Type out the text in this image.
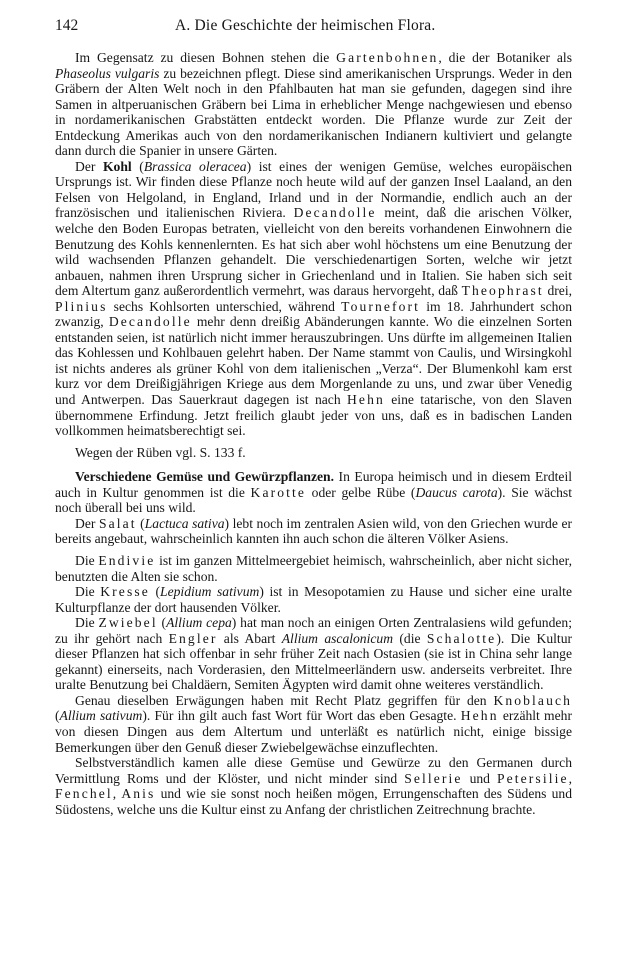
142	A. Die Geschichte der heimischen Flora.

Im Gegensatz zu diesen Bohnen stehen die Gartenbohnen, die der Botaniker als Phaseolus vulgaris zu bezeichnen pflegt. Diese sind amerikanischen Ursprungs. Weder in den Gräbern der Alten Welt noch in den Pfahlbauten hat man sie gefunden, dagegen sind ihre Samen in altperuanischen Gräbern bei Lima in erheblicher Menge nachgewiesen und ebenso in nordamerikanischen Grabstätten entdeckt worden. Die Pflanze wurde zur Zeit der Entdeckung Amerikas auch von den nordamerikanischen Indianern kultiviert und gelangte dann durch die Spanier in unsere Gärten.

Der Kohl (Brassica oleracea) ist eines der wenigen Gemüse, welches europäischen Ursprungs ist. Wir finden diese Pflanze noch heute wild auf der ganzen Insel Laaland, an den Felsen von Helgoland, in England, Irland und in der Normandie, endlich auch an der französischen und italienischen Riviera. Decandolle meint, daß die arischen Völker, welche den Boden Europas betraten, vielleicht von den bereits vorhandenen Einwohnern die Benutzung des Kohls kennenlernten. Es hat sich aber wohl höchstens um eine Benutzung der wild wachsenden Pflanzen gehandelt. Die verschiedenartigen Sorten, welche wir jetzt anbauen, nahmen ihren Ursprung sicher in Griechenland und in Italien. Sie haben sich seit dem Altertum ganz außerordentlich vermehrt, was daraus hervorgeht, daß Theophrast drei, Plinius sechs Kohlsorten unterschied, während Tournefort im 18. Jahrhundert schon zwanzig, Decandolle mehr denn dreißig Abänderungen kannte. Wo die einzelnen Sorten entstanden seien, ist natürlich nicht immer herauszubringen. Uns dürfte im allgemeinen Italien das Kohlessen und Kohlbauen gelehrt haben. Der Name stammt von Caulis, und Wirsingkohl ist nichts anderes als grüner Kohl von dem italienischen „Verza“. Der Blumenkohl kam erst kurz vor dem Dreißigjährigen Kriege aus dem Morgenlande zu uns, und zwar über Venedig und Antwerpen. Das Sauerkraut dagegen ist nach Hehn eine tatarische, von den Slaven übernommene Erfindung. Jetzt freilich glaubt jeder von uns, daß es in badischen Landen vollkommen heimatsberechtigt sei.

Wegen der Rüben vgl. S. 133 f.

Verschiedene Gemüse und Gewürzpflanzen. In Europa heimisch und in diesem Erdteil auch in Kultur genommen ist die Karotte oder gelbe Rübe (Daucus carota). Sie wächst noch überall bei uns wild.

Der Salat (Lactuca sativa) lebt noch im zentralen Asien wild, von den Griechen wurde er bereits angebaut, wahrscheinlich kannten ihn auch schon die älteren Völker Asiens.

Die Endivie ist im ganzen Mittelmeergebiet heimisch, wahrscheinlich, aber nicht sicher, benutzten die Alten sie schon.

Die Kresse (Lepidium sativum) ist in Mesopotamien zu Hause und sicher eine uralte Kulturpflanze der dort hausenden Völker.

Die Zwiebel (Allium cepa) hat man noch an einigen Orten Zentralasiens wild gefunden; zu ihr gehört nach Engler als Abart Allium ascalonicum (die Schalotte). Die Kultur dieser Pflanzen hat sich offenbar in sehr früher Zeit nach Ostasien (sie ist in China sehr lange gekannt) einerseits, nach Vorderasien, den Mittelmeerländern usw. anderseits verbreitet. Ihre uralte Benutzung bei Chaldäern, Semiten Ägypten wird damit ohne weiteres verständlich.

Genau dieselben Erwägungen haben mit Recht Platz gegriffen für den Knoblauch (Allium sativum). Für ihn gilt auch fast Wort für Wort das eben Gesagte. Hehn erzählt mehr von diesen Dingen aus dem Altertum und unterläßt es natürlich nicht, einige bissige Bemerkungen über den Genuß dieser Zwiebelgewächse einzuflechten.

Selbstverständlich kamen alle diese Gemüse und Gewürze zu den Germanen durch Vermittlung Roms und der Klöster, und nicht minder sind Sellerie und Petersilie, Fenchel, Anis und wie sie sonst noch heißen mögen, Errungenschaften des Südens und Südostens, welche uns die Kultur einst zu Anfang der christlichen Zeitrechnung brachte.
